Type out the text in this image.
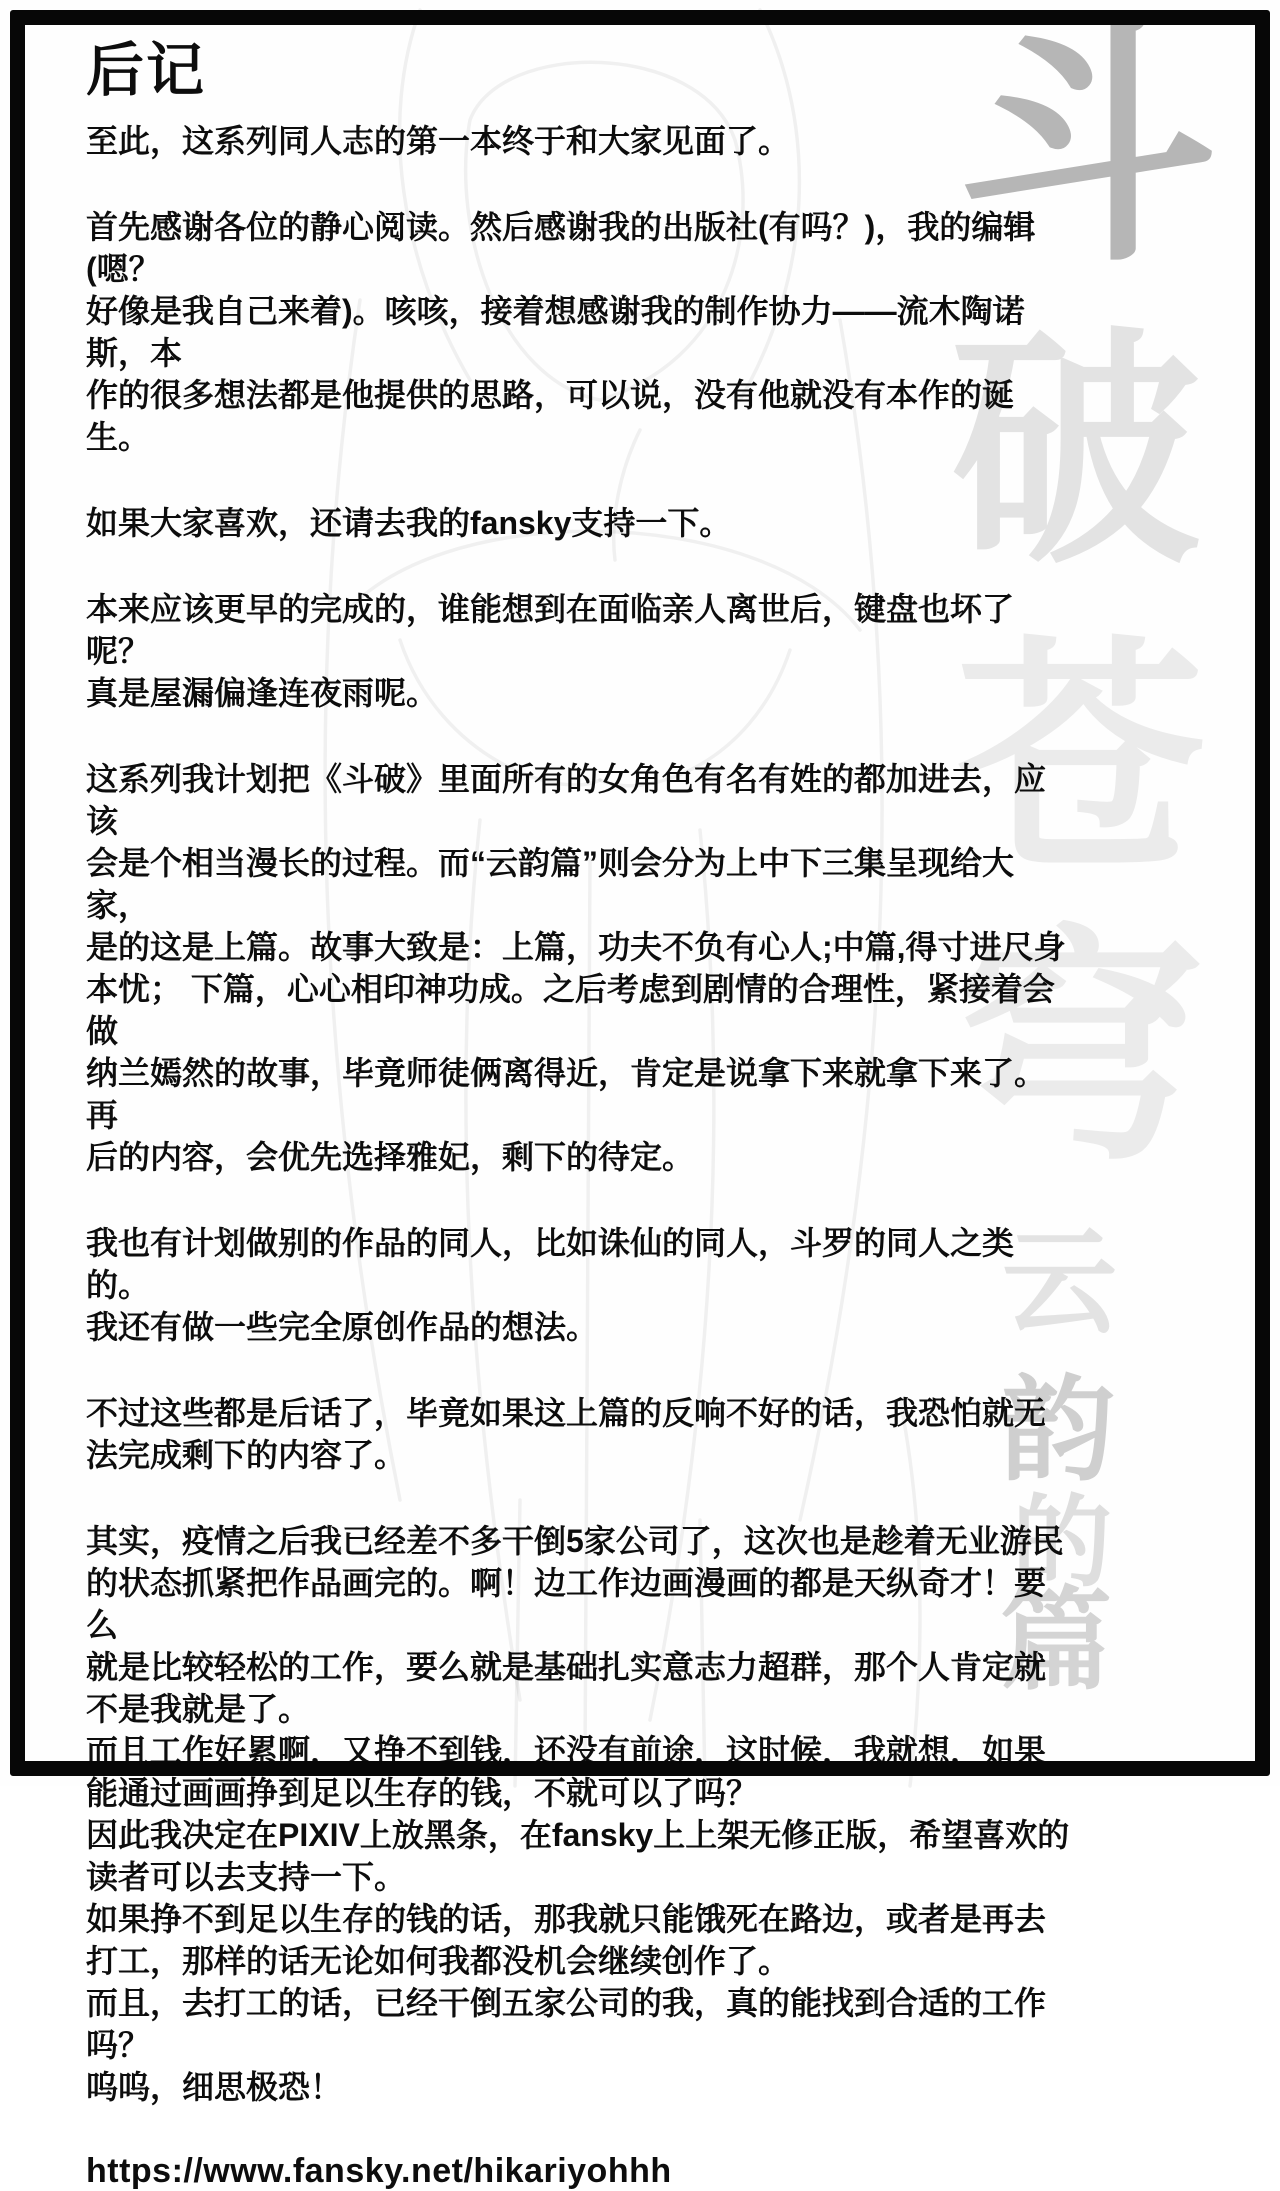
斗
破
苍
穹
云
韵
的
篇
后记
至此，这系列同人志的第一本终于和大家见面了。
首先感谢各位的静心阅读。然后感谢我的出版社(有吗？)，我的编辑(嗯？
好像是我自己来着)。咳咳，接着想感谢我的制作协力——流木陶诺斯，本
作的很多想法都是他提供的思路，可以说，没有他就没有本作的诞生。
如果大家喜欢，还请去我的fansky支持一下。
本来应该更早的完成的，谁能想到在面临亲人离世后，键盘也坏了呢？
真是屋漏偏逢连夜雨呢。
这系列我计划把《斗破》里面所有的女角色有名有姓的都加进去，应该
会是个相当漫长的过程。而“云韵篇”则会分为上中下三集呈现给大家，
是的这是上篇。故事大致是：上篇，功夫不负有心人;中篇,得寸进尺身
本忧； 下篇，心心相印神功成。之后考虑到剧情的合理性，紧接着会做
纳兰嫣然的故事，毕竟师徒俩离得近，肯定是说拿下来就拿下来了。再
后的内容，会优先选择雅妃，剩下的待定。
我也有计划做别的作品的同人，比如诛仙的同人，斗罗的同人之类的。
我还有做一些完全原创作品的想法。
不过这些都是后话了，毕竟如果这上篇的反响不好的话，我恐怕就无
法完成剩下的内容了。
其实，疫情之后我已经差不多干倒5家公司了，这次也是趁着无业游民
的状态抓紧把作品画完的。啊！边工作边画漫画的都是天纵奇才！要么
就是比较轻松的工作，要么就是基础扎实意志力超群，那个人肯定就
不是我就是了。
而且工作好累啊，又挣不到钱，还没有前途，这时候，我就想，如果
能通过画画挣到足以生存的钱，不就可以了吗？
因此我决定在PIXIV上放黑条，在fansky上上架无修正版，希望喜欢的
读者可以去支持一下。
如果挣不到足以生存的钱的话，那我就只能饿死在路边，或者是再去
打工，那样的话无论如何我都没机会继续创作了。
而且，去打工的话，已经干倒五家公司的我，真的能找到合适的工作吗？
呜呜，细思极恐！
https://www.fansky.net/hikariyohhh
